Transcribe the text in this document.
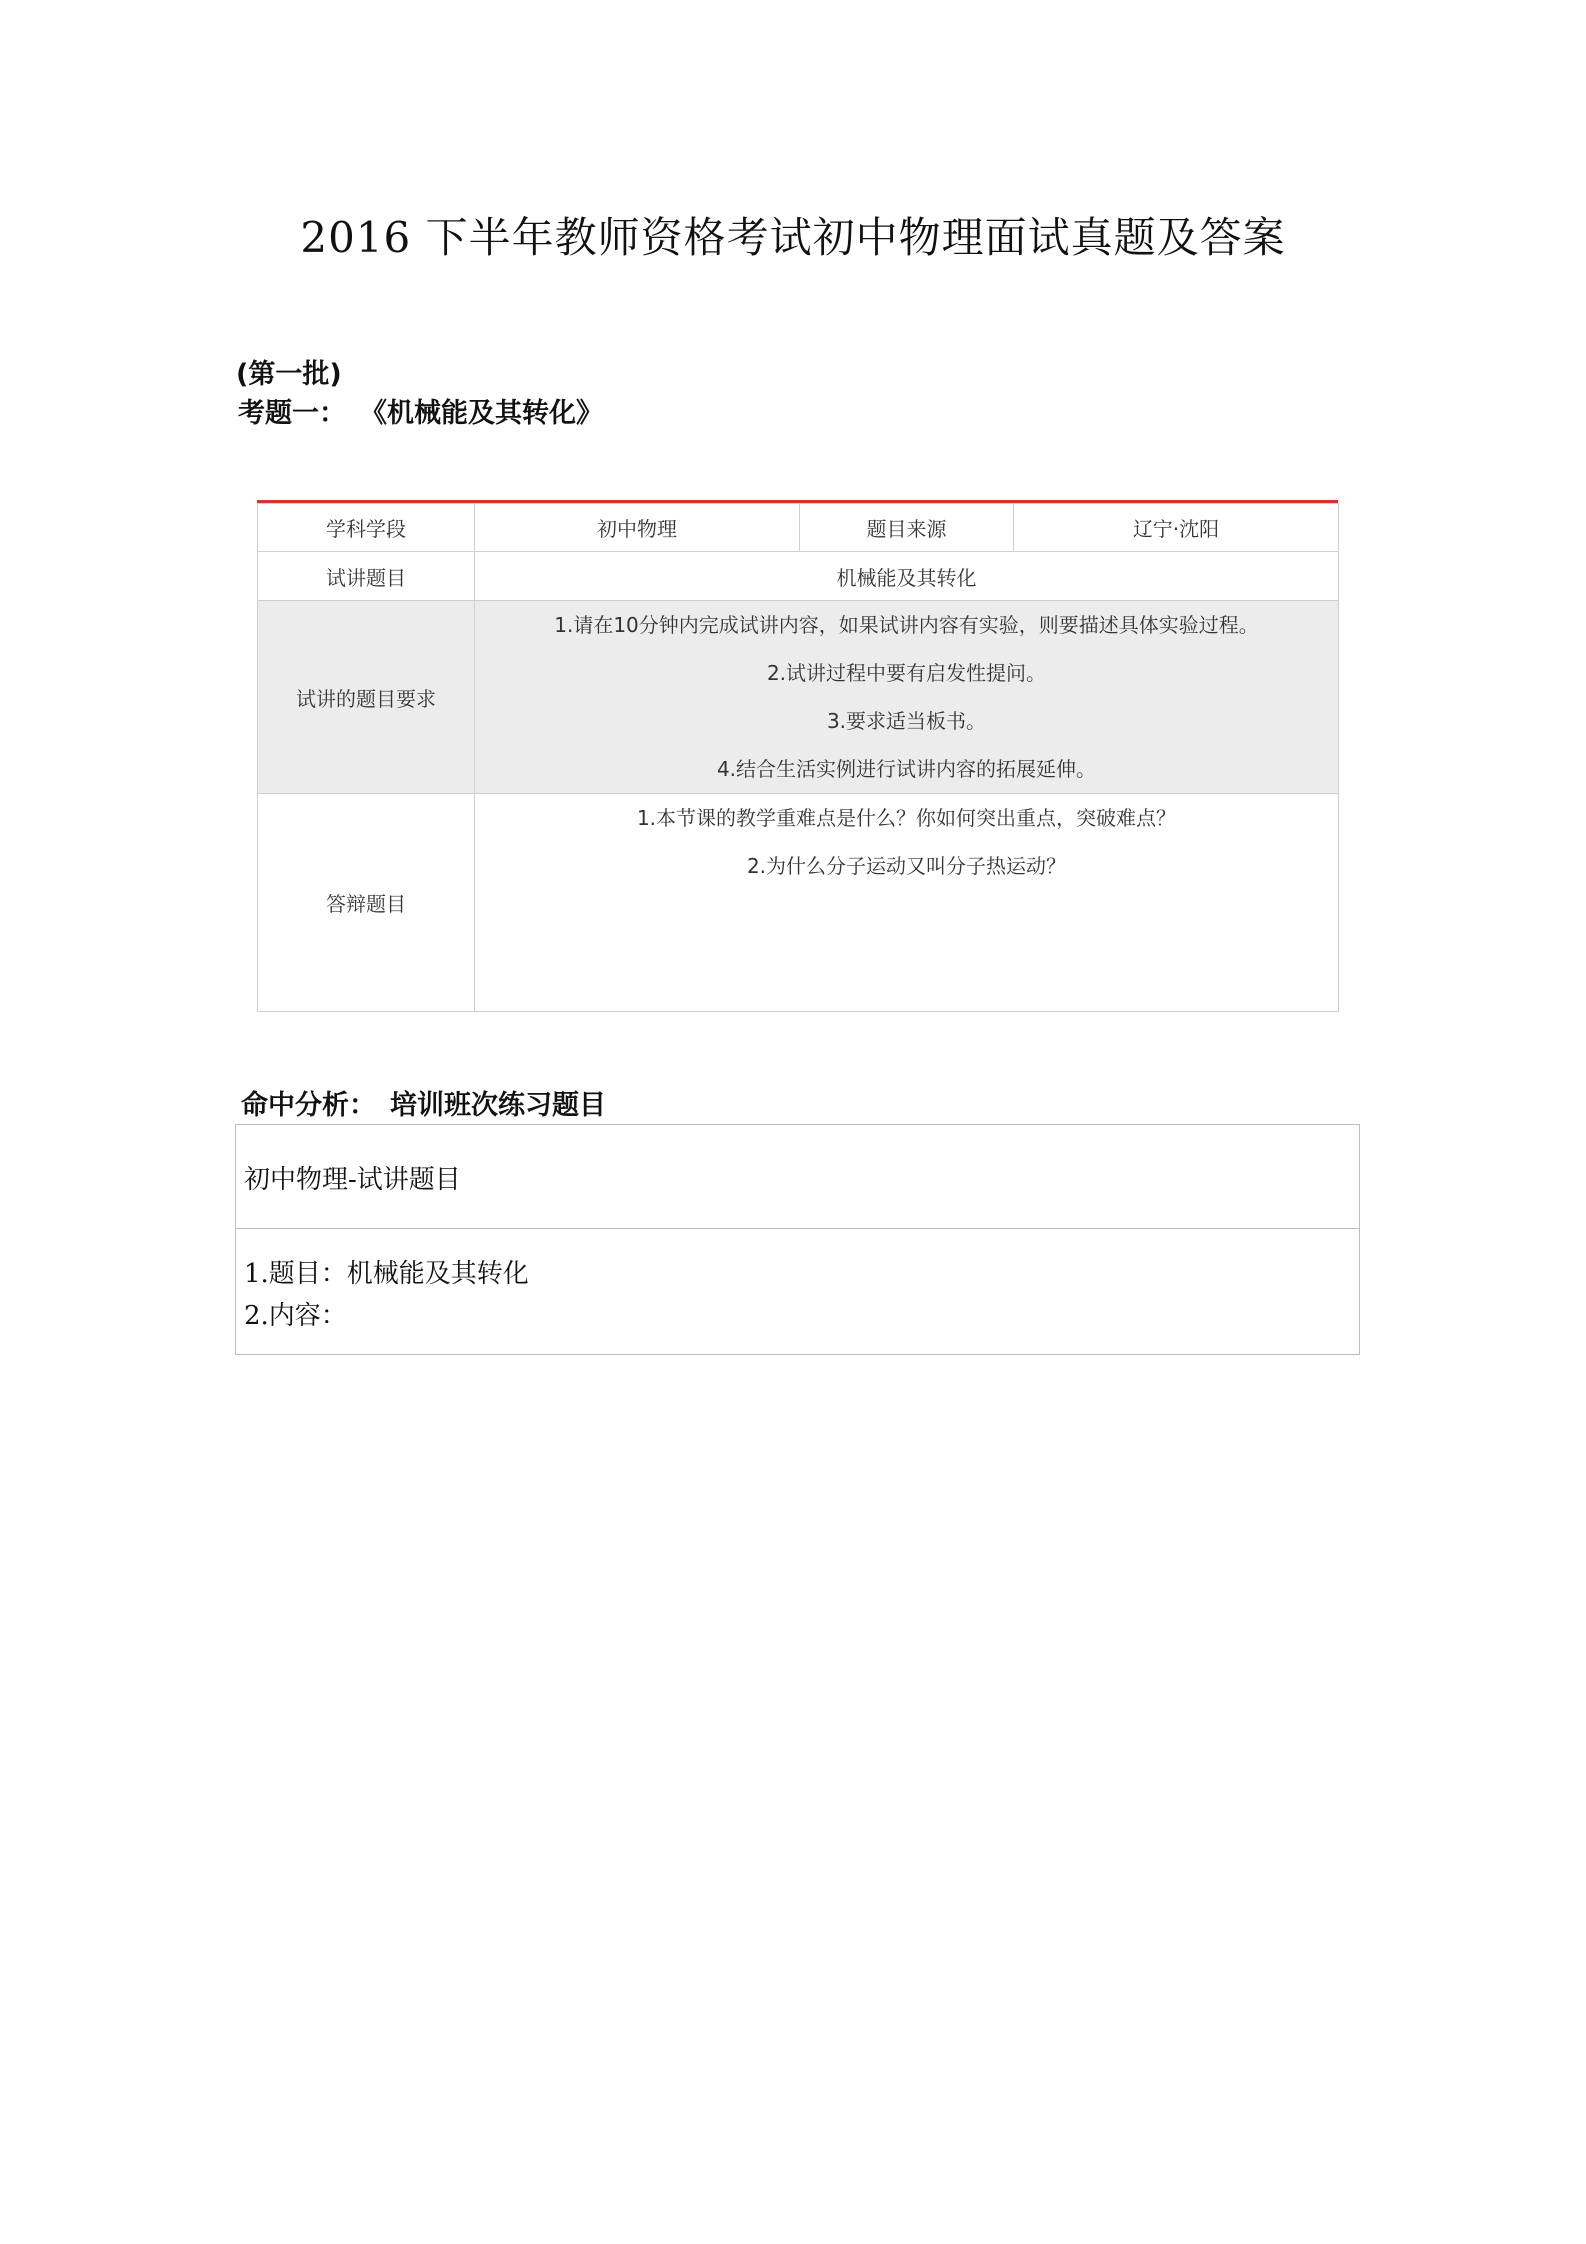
2016 下半年教师资格考试初中物理面试真题及答案
(第一批)
考题一： 《机械能及其转化》
学科学段	初中物理	题目来源	辽宁·沈阳
试讲题目	机械能及其转化		
试讲的题目要求	1.请在10分钟内完成试讲内容，如果试讲内容有实验，则要描述具体实验过程。
2.试讲过程中要有启发性提问。
3.要求适当板书。
4.结合生活实例进行试讲内容的拓展延伸。		

答辩题目	1.本节课的教学重难点是什么？你如何突出重点，突破难点？
2.为什么分子运动又叫分子热运动？		
命中分析： 培训班次练习题目
初中物理-试讲题目
1.题目：机械能及其转化
2.内容：
